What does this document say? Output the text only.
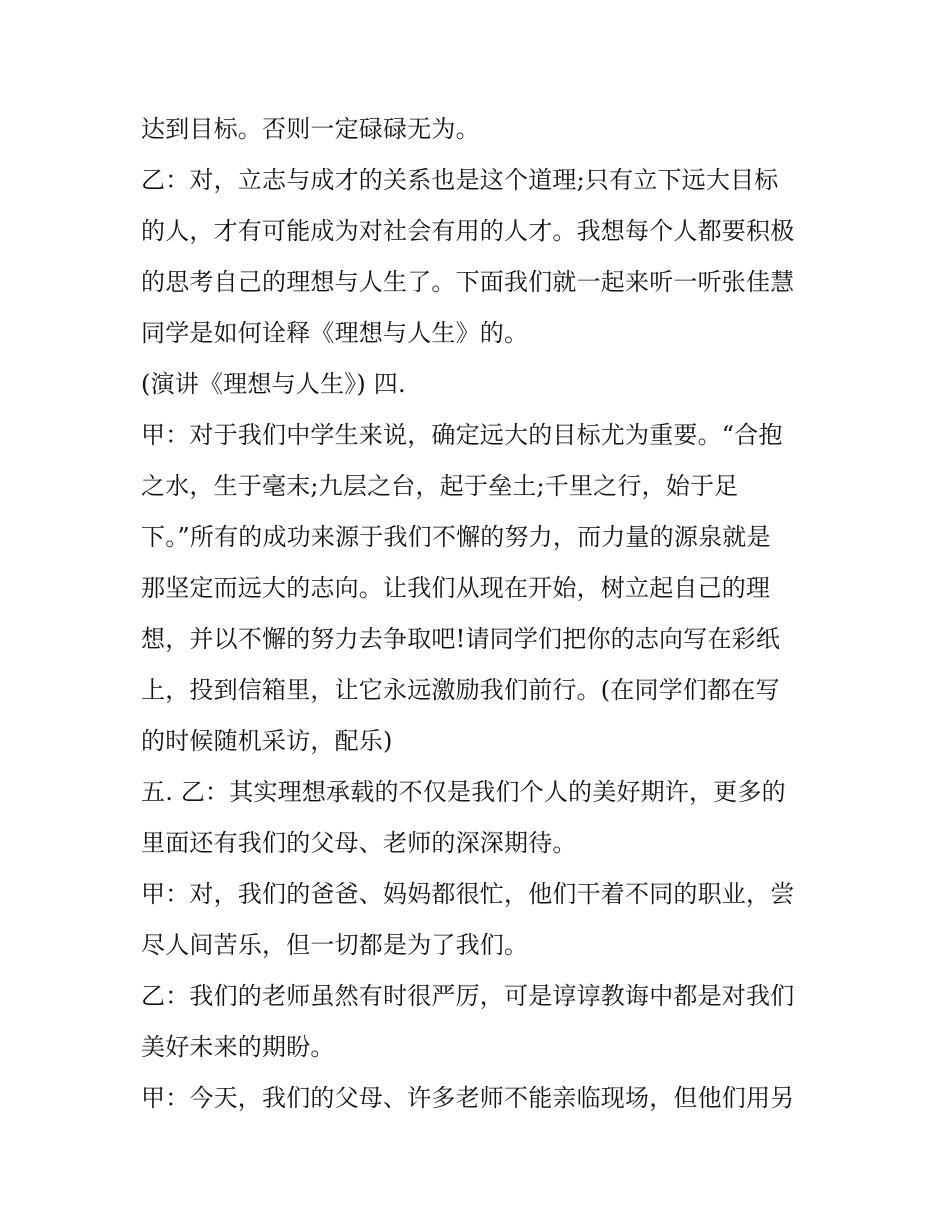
达到目标。否则一定碌碌无为。
乙：对，立志与成才的关系也是这个道理;只有立下远大目标
的人，才有可能成为对社会有用的人才。我想每个人都要积极
的思考自己的理想与人生了。下面我们就一起来听一听张佳慧
同学是如何诠释《理想与人生》的。
(演讲《理想与人生》) 四.
甲：对于我们中学生来说，确定远大的目标尤为重要。“合抱
之水，生于毫末;九层之台，起于垒土;千里之行，始于足
下。”所有的成功来源于我们不懈的努力，而力量的源泉就是
那坚定而远大的志向。让我们从现在开始，树立起自己的理
想，并以不懈的努力去争取吧!请同学们把你的志向写在彩纸
上，投到信箱里，让它永远激励我们前行。(在同学们都在写
的时候随机采访，配乐)
五. 乙：其实理想承载的不仅是我们个人的美好期许，更多的
里面还有我们的父母、老师的深深期待。
甲：对，我们的爸爸、妈妈都很忙，他们干着不同的职业，尝
尽人间苦乐，但一切都是为了我们。
乙：我们的老师虽然有时很严厉，可是谆谆教诲中都是对我们
美好未来的期盼。
甲：今天，我们的父母、许多老师不能亲临现场，但他们用另
